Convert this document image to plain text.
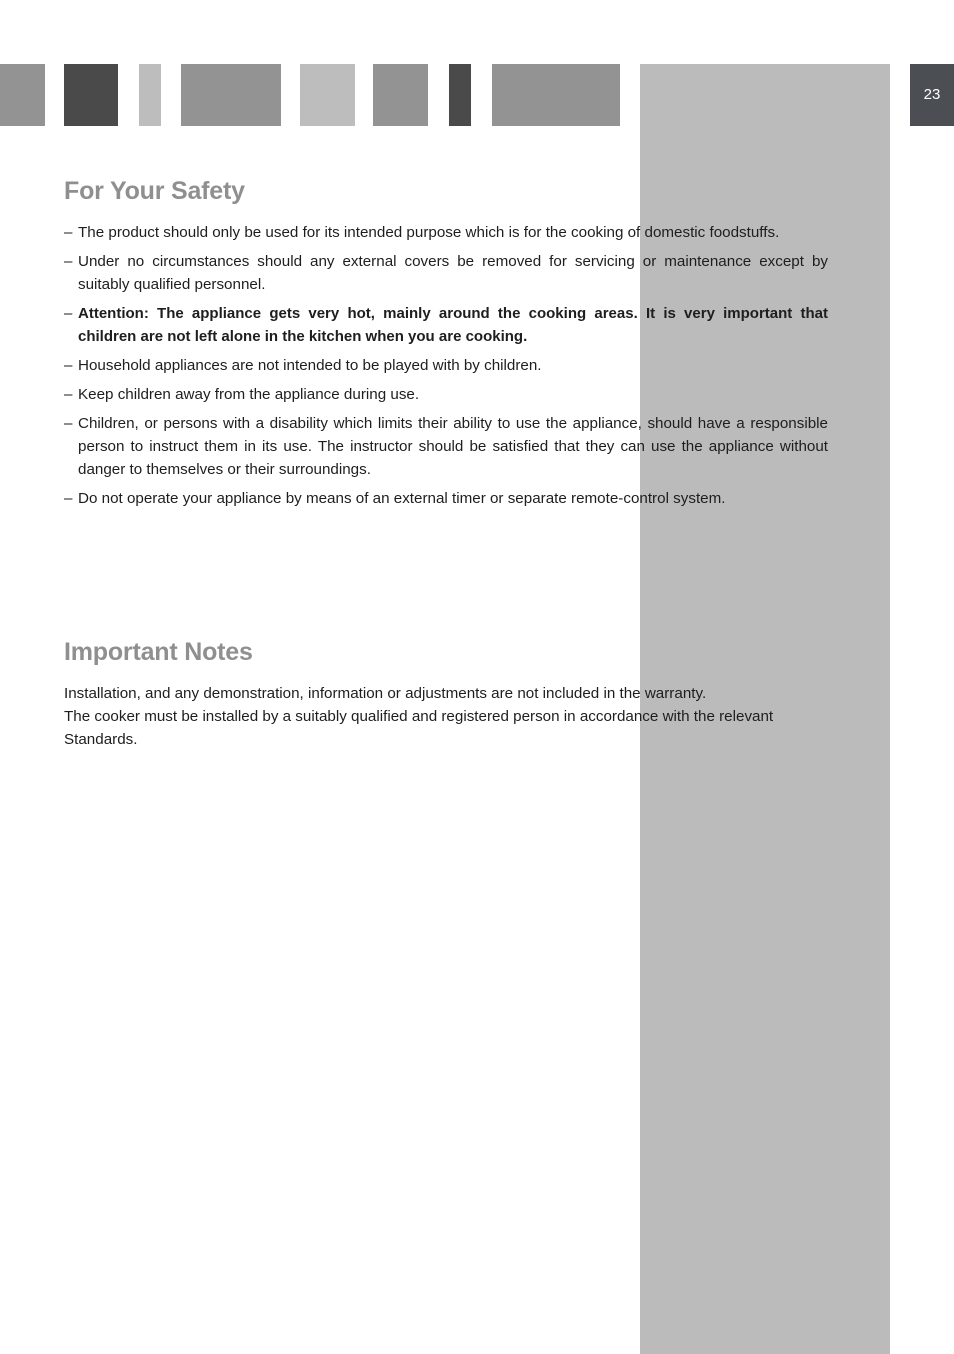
23
For Your Safety
– The product should only be used for its intended purpose which is for the cooking of domestic foodstuffs.
– Under no circumstances should any external covers be removed for servicing or maintenance except by suitably qualified personnel.
– Attention: The appliance gets very hot, mainly around the cooking areas. It is very important that children are not left alone in the kitchen when you are cooking.
– Household appliances are not intended to be played with by children.
– Keep children away from the appliance during use.
– Children, or persons with a disability which limits their ability to use the appliance, should have a responsible person to instruct them in its use. The instructor should be satisfied that they can use the appliance without danger to themselves or their surroundings.
– Do not operate your appliance by means of an external timer or separate remote-control system.
Important Notes

Installation, and any demonstration, information or adjustments are not included in the warranty.

The cooker must be installed by a suitably qualified and registered person in accordance with the relevant Standards.
